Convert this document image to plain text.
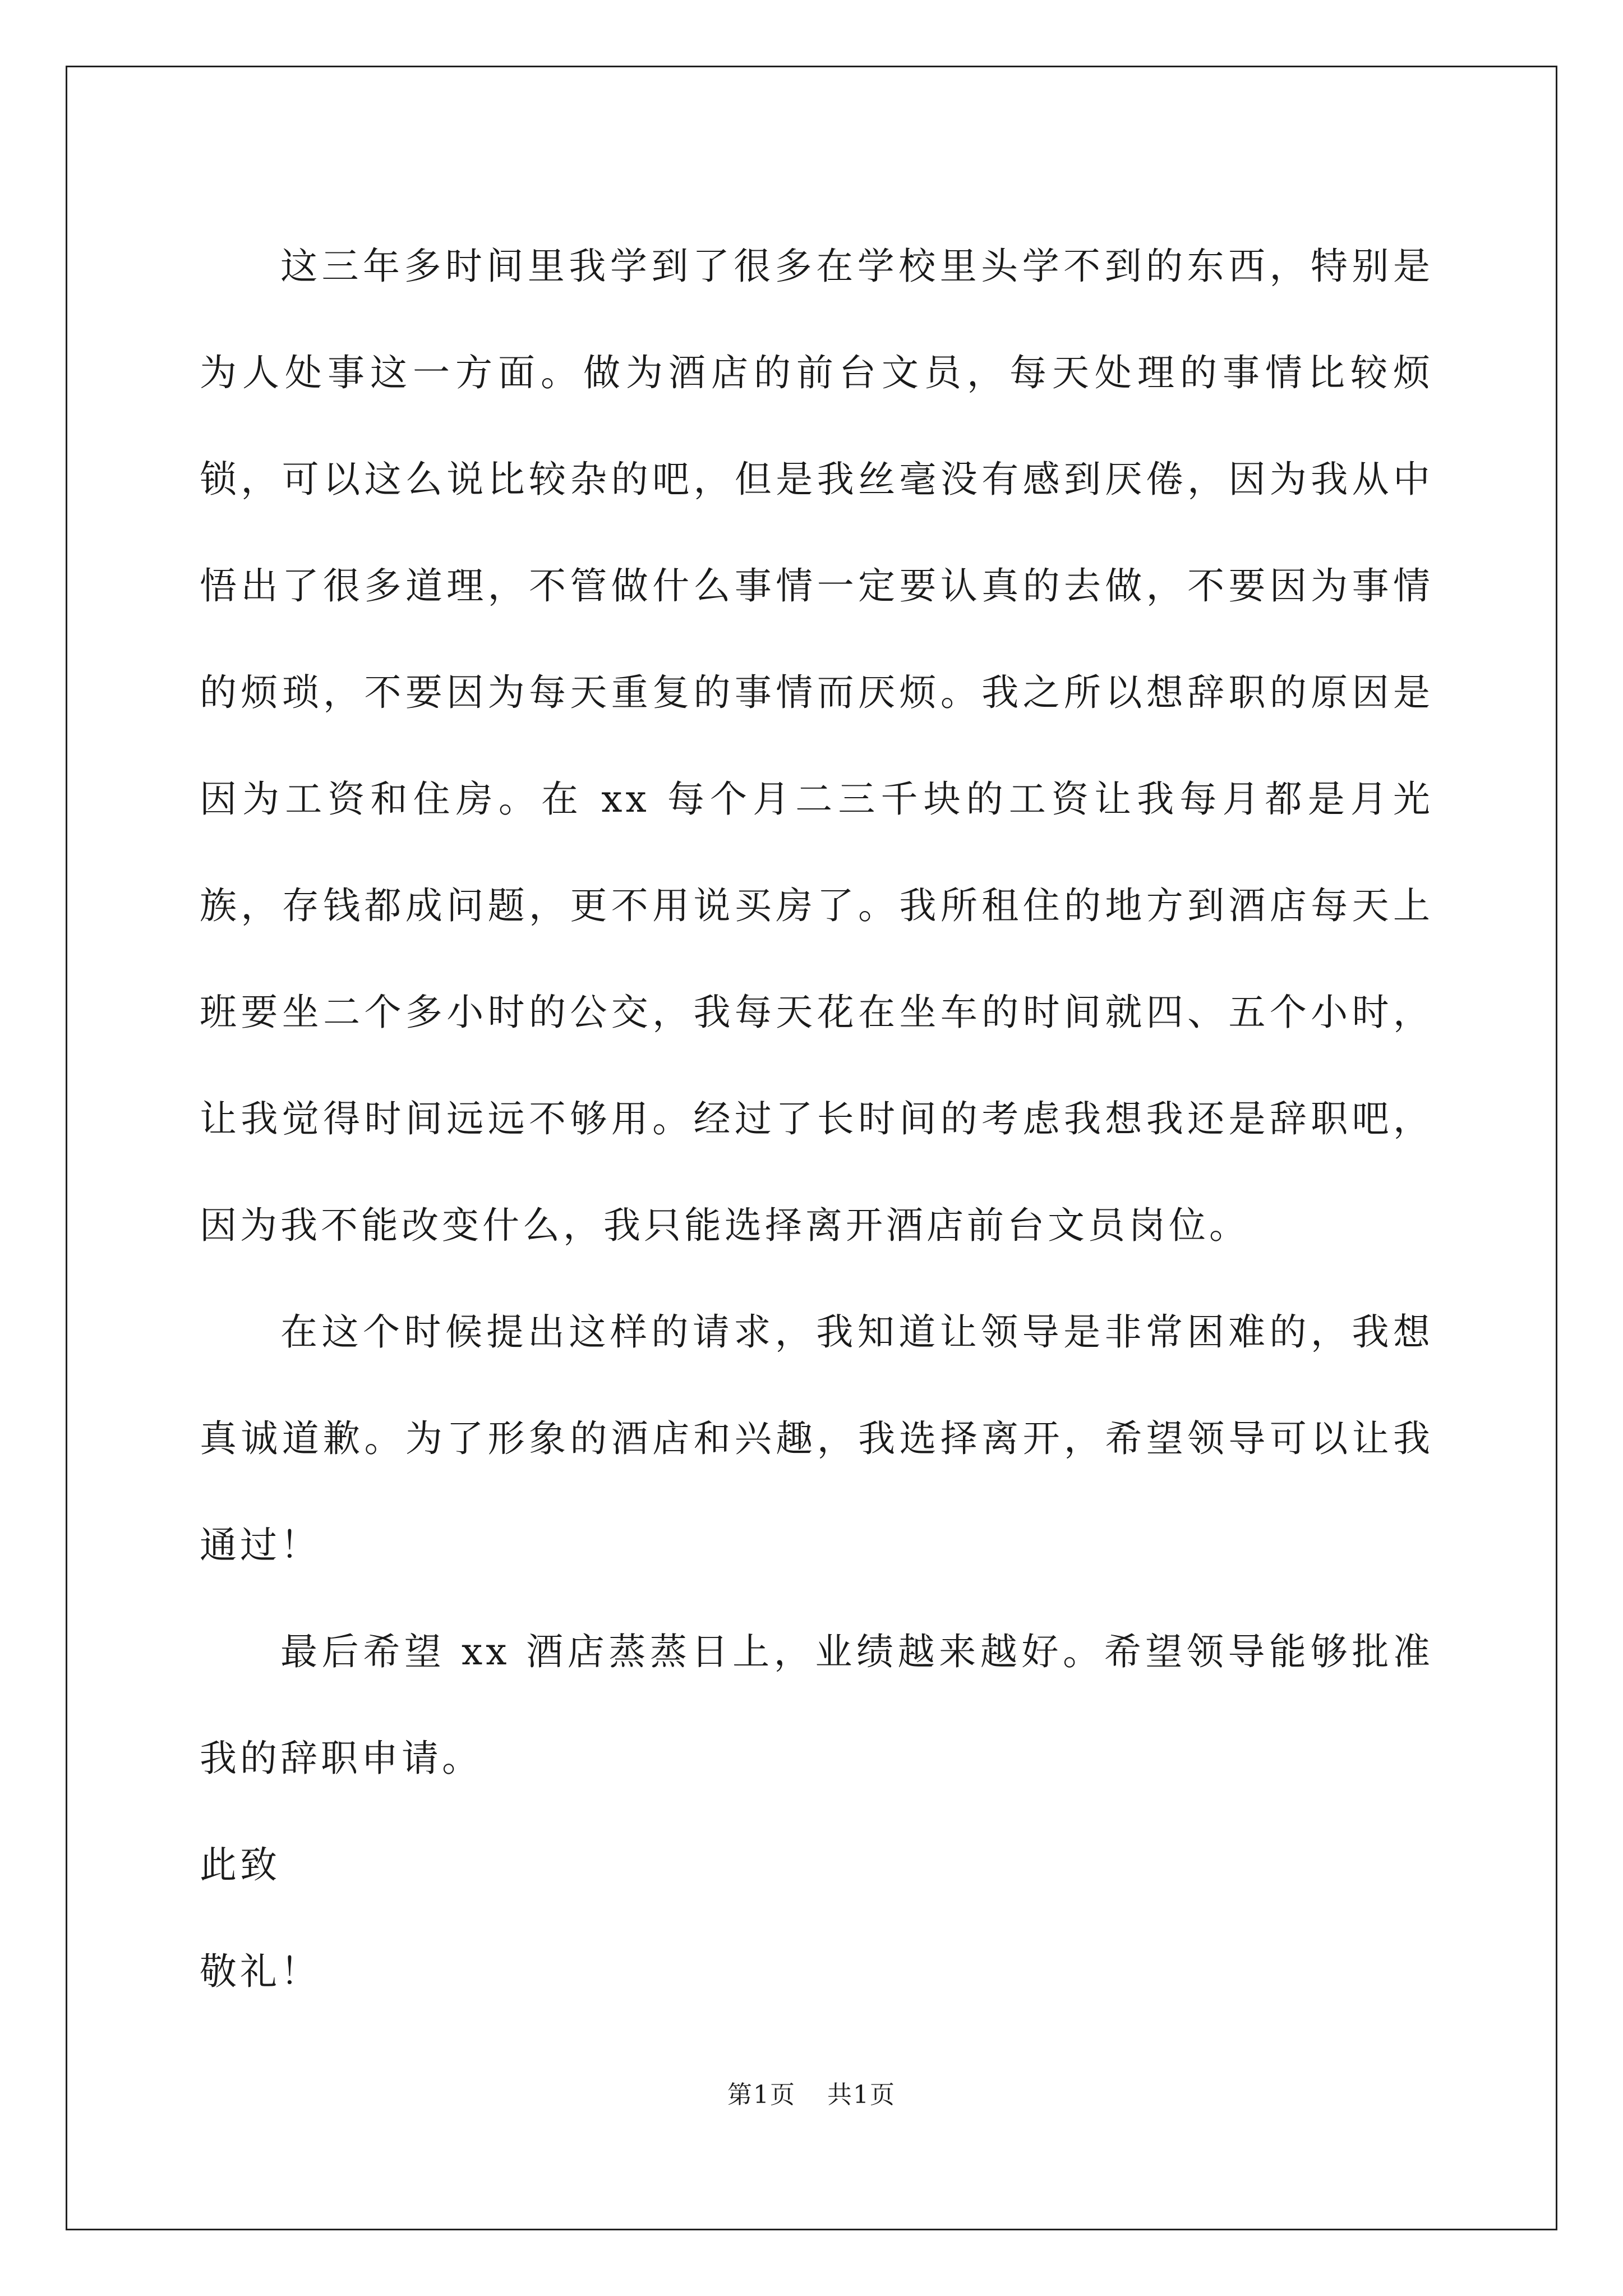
这三年多时间里我学到了很多在学校里头学不到的东西，特别是为人处事这一方面。做为酒店的前台文员，每天处理的事情比较烦锁，可以这么说比较杂的吧，但是我丝毫没有感到厌倦，因为我从中悟出了很多道理，不管做什么事情一定要认真的去做，不要因为事情的烦琐，不要因为每天重复的事情而厌烦。我之所以想辞职的原因是因为工资和住房。在 xx 每个月二三千块的工资让我每月都是月光族，存钱都成问题，更不用说买房了。我所租住的地方到酒店每天上班要坐二个多小时的公交，我每天花在坐车的时间就四、五个小时，让我觉得时间远远不够用。经过了长时间的考虑我想我还是辞职吧，因为我不能改变什么，我只能选择离开酒店前台文员岗位。

在这个时候提出这样的请求，我知道让领导是非常困难的，我想真诚道歉。为了形象的酒店和兴趣，我选择离开，希望领导可以让我通过！

最后希望 xx 酒店蒸蒸日上，业绩越来越好。希望领导能够批准我的辞职申请。

此致

敬礼！

第1页 共1页
